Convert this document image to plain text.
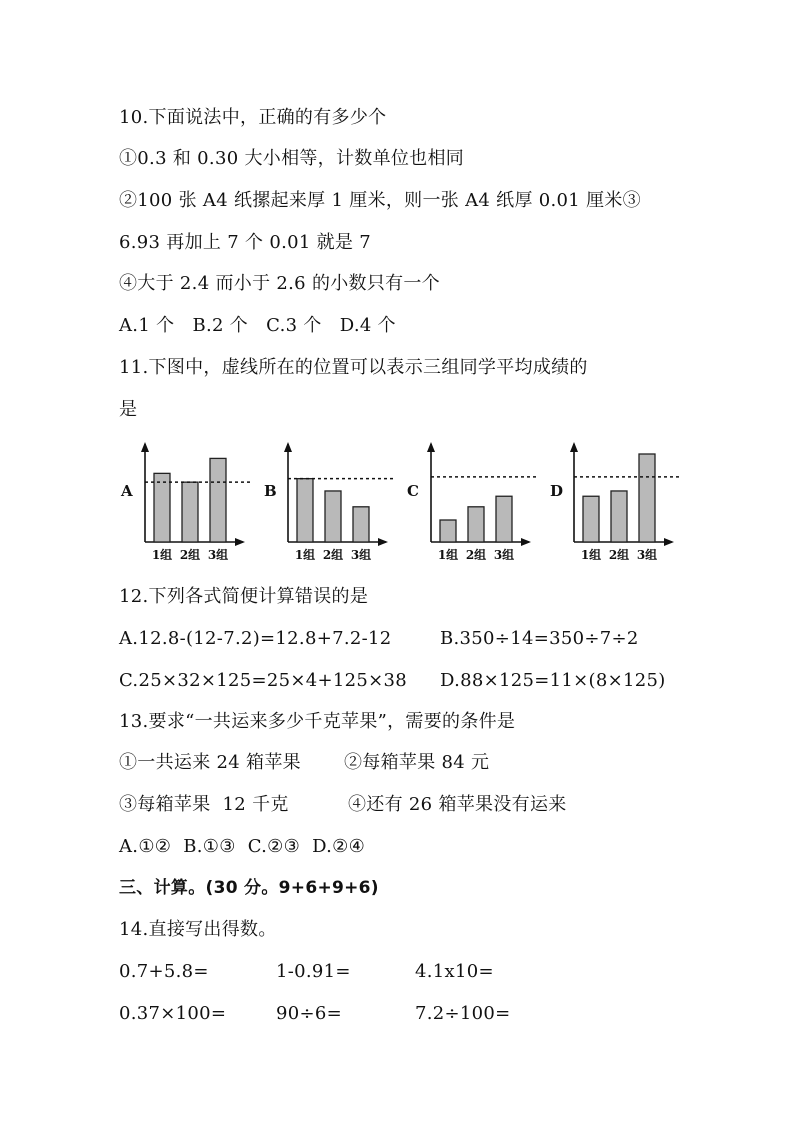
10.下面说法中，正确的有多少个
①0.3 和 0.30 大小相等，计数单位也相同
②100 张 A4 纸摞起来厚 1 厘米，则一张 A4 纸厚 0.01 厘米③
6.93 再加上 7 个 0.01 就是 7
④大于 2.4 而小于 2.6 的小数只有一个
A.1 个   B.2 个   C.3 个   D.4 个
11.下图中，虚线所在的位置可以表示三组同学平均成绩的
是
A
1组 2组 3组
B
1组 2组 3组
C
1组 2组 3组
D
1组 2组 3组
12.下列各式简便计算错误的是
A.12.8-(12-7.2)=12.8+7.2-12	B.350÷14=350÷7÷2
C.25×32×125=25×4+125×38 D.88×125=11×(8×125)
13.要求“一共运来多少千克苹果”，需要的条件是
①一共运来 24 箱苹果 ②每箱苹果 84 元
③每箱苹果  12 千克	④还有 26 箱苹果没有运来
A.①②  B.①③  C.②③  D.②④
三、计算。(30 分。9+6+9+6)
14.直接写出得数。
0.7+5.8=	1-0.91=	4.1x10=
0.37×100=	90÷6=	7.2÷100=
